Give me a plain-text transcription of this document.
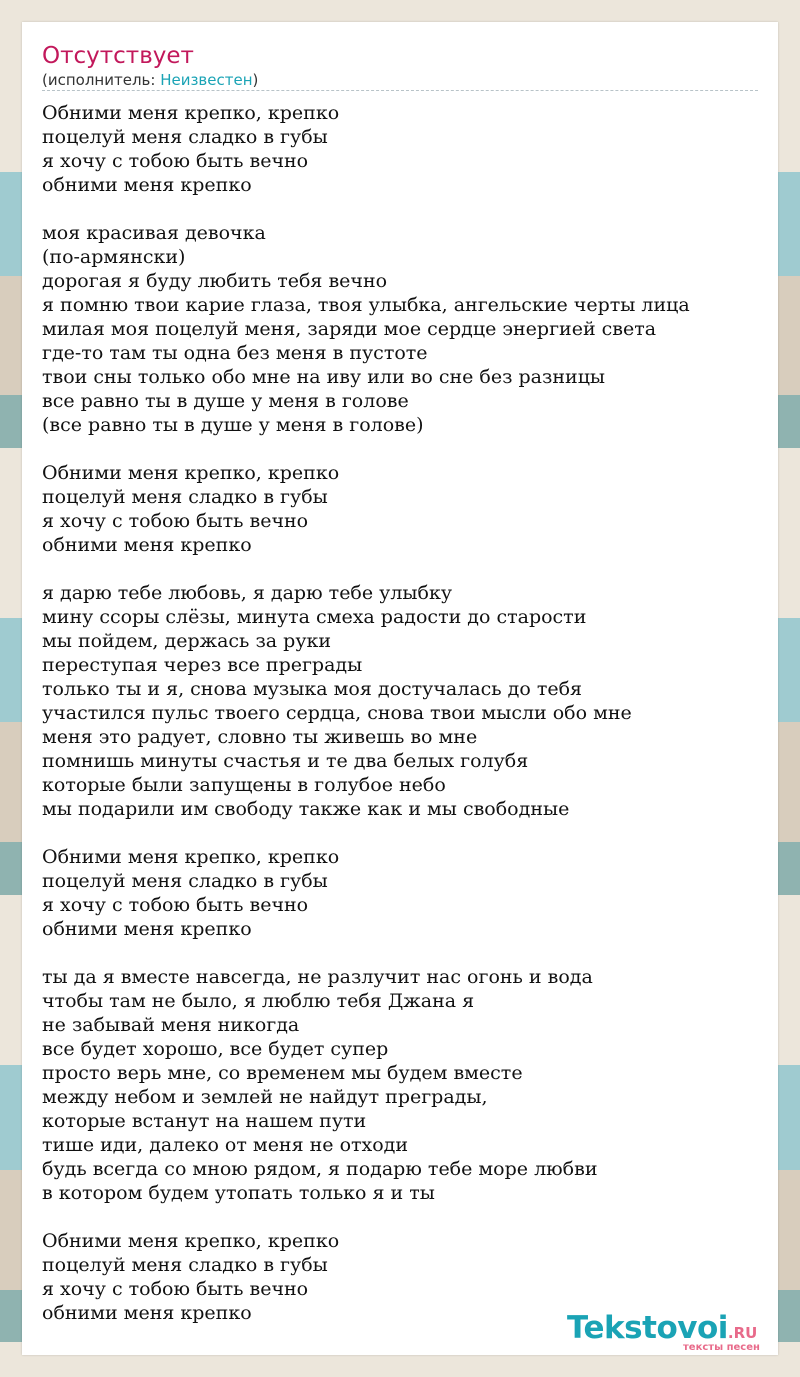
Отсутствует
(исполнитель: Неизвестен)
Обними меня крепко, крепко
поцелуй меня сладко в губы
я хочу с тобою быть вечно
обними меня крепко
моя красивая девочка
(по-армянски)
дорогая я буду любить тебя вечно
я помню твои карие глаза, твоя улыбка, ангельские черты лица
милая моя поцелуй меня, заряди мое сердце энергией света
где-то там ты одна без меня в пустоте
твои сны только обо мне на иву или во сне без разницы
все равно ты в душе у меня в голове
(все равно ты в душе у меня в голове)
Обними меня крепко, крепко
поцелуй меня сладко в губы
я хочу с тобою быть вечно
обними меня крепко
я дарю тебе любовь, я дарю тебе улыбку
мину ссоры слёзы, минута смеха радости до старости
мы пойдем, держась за руки
переступая через все преграды
только ты и я, снова музыка моя достучалась до тебя
участился пульс твоего сердца, снова твои мысли обо мне
меня это радует, словно ты живешь во мне
помнишь минуты счастья и те два белых голубя
которые были запущены в голубое небо
мы подарили им свободу также как и мы свободные
Обними меня крепко, крепко
поцелуй меня сладко в губы
я хочу с тобою быть вечно
обними меня крепко
ты да я вместе навсегда, не разлучит нас огонь и вода
чтобы там не было, я люблю тебя Джана я
не забывай меня никогда
все будет хорошо, все будет супер
просто верь мне, со временем мы будем вместе
между небом и землей не найдут преграды,
которые встанут на нашем пути
тише иди, далеко от меня не отходи
будь всегда со мною рядом, я подарю тебе море любви
в котором будем утопать только я и ты
Обними меня крепко, крепко
поцелуй меня сладко в губы
я хочу с тобою быть вечно
обними меня крепко	Tekstovoi.RU
тексты песен
